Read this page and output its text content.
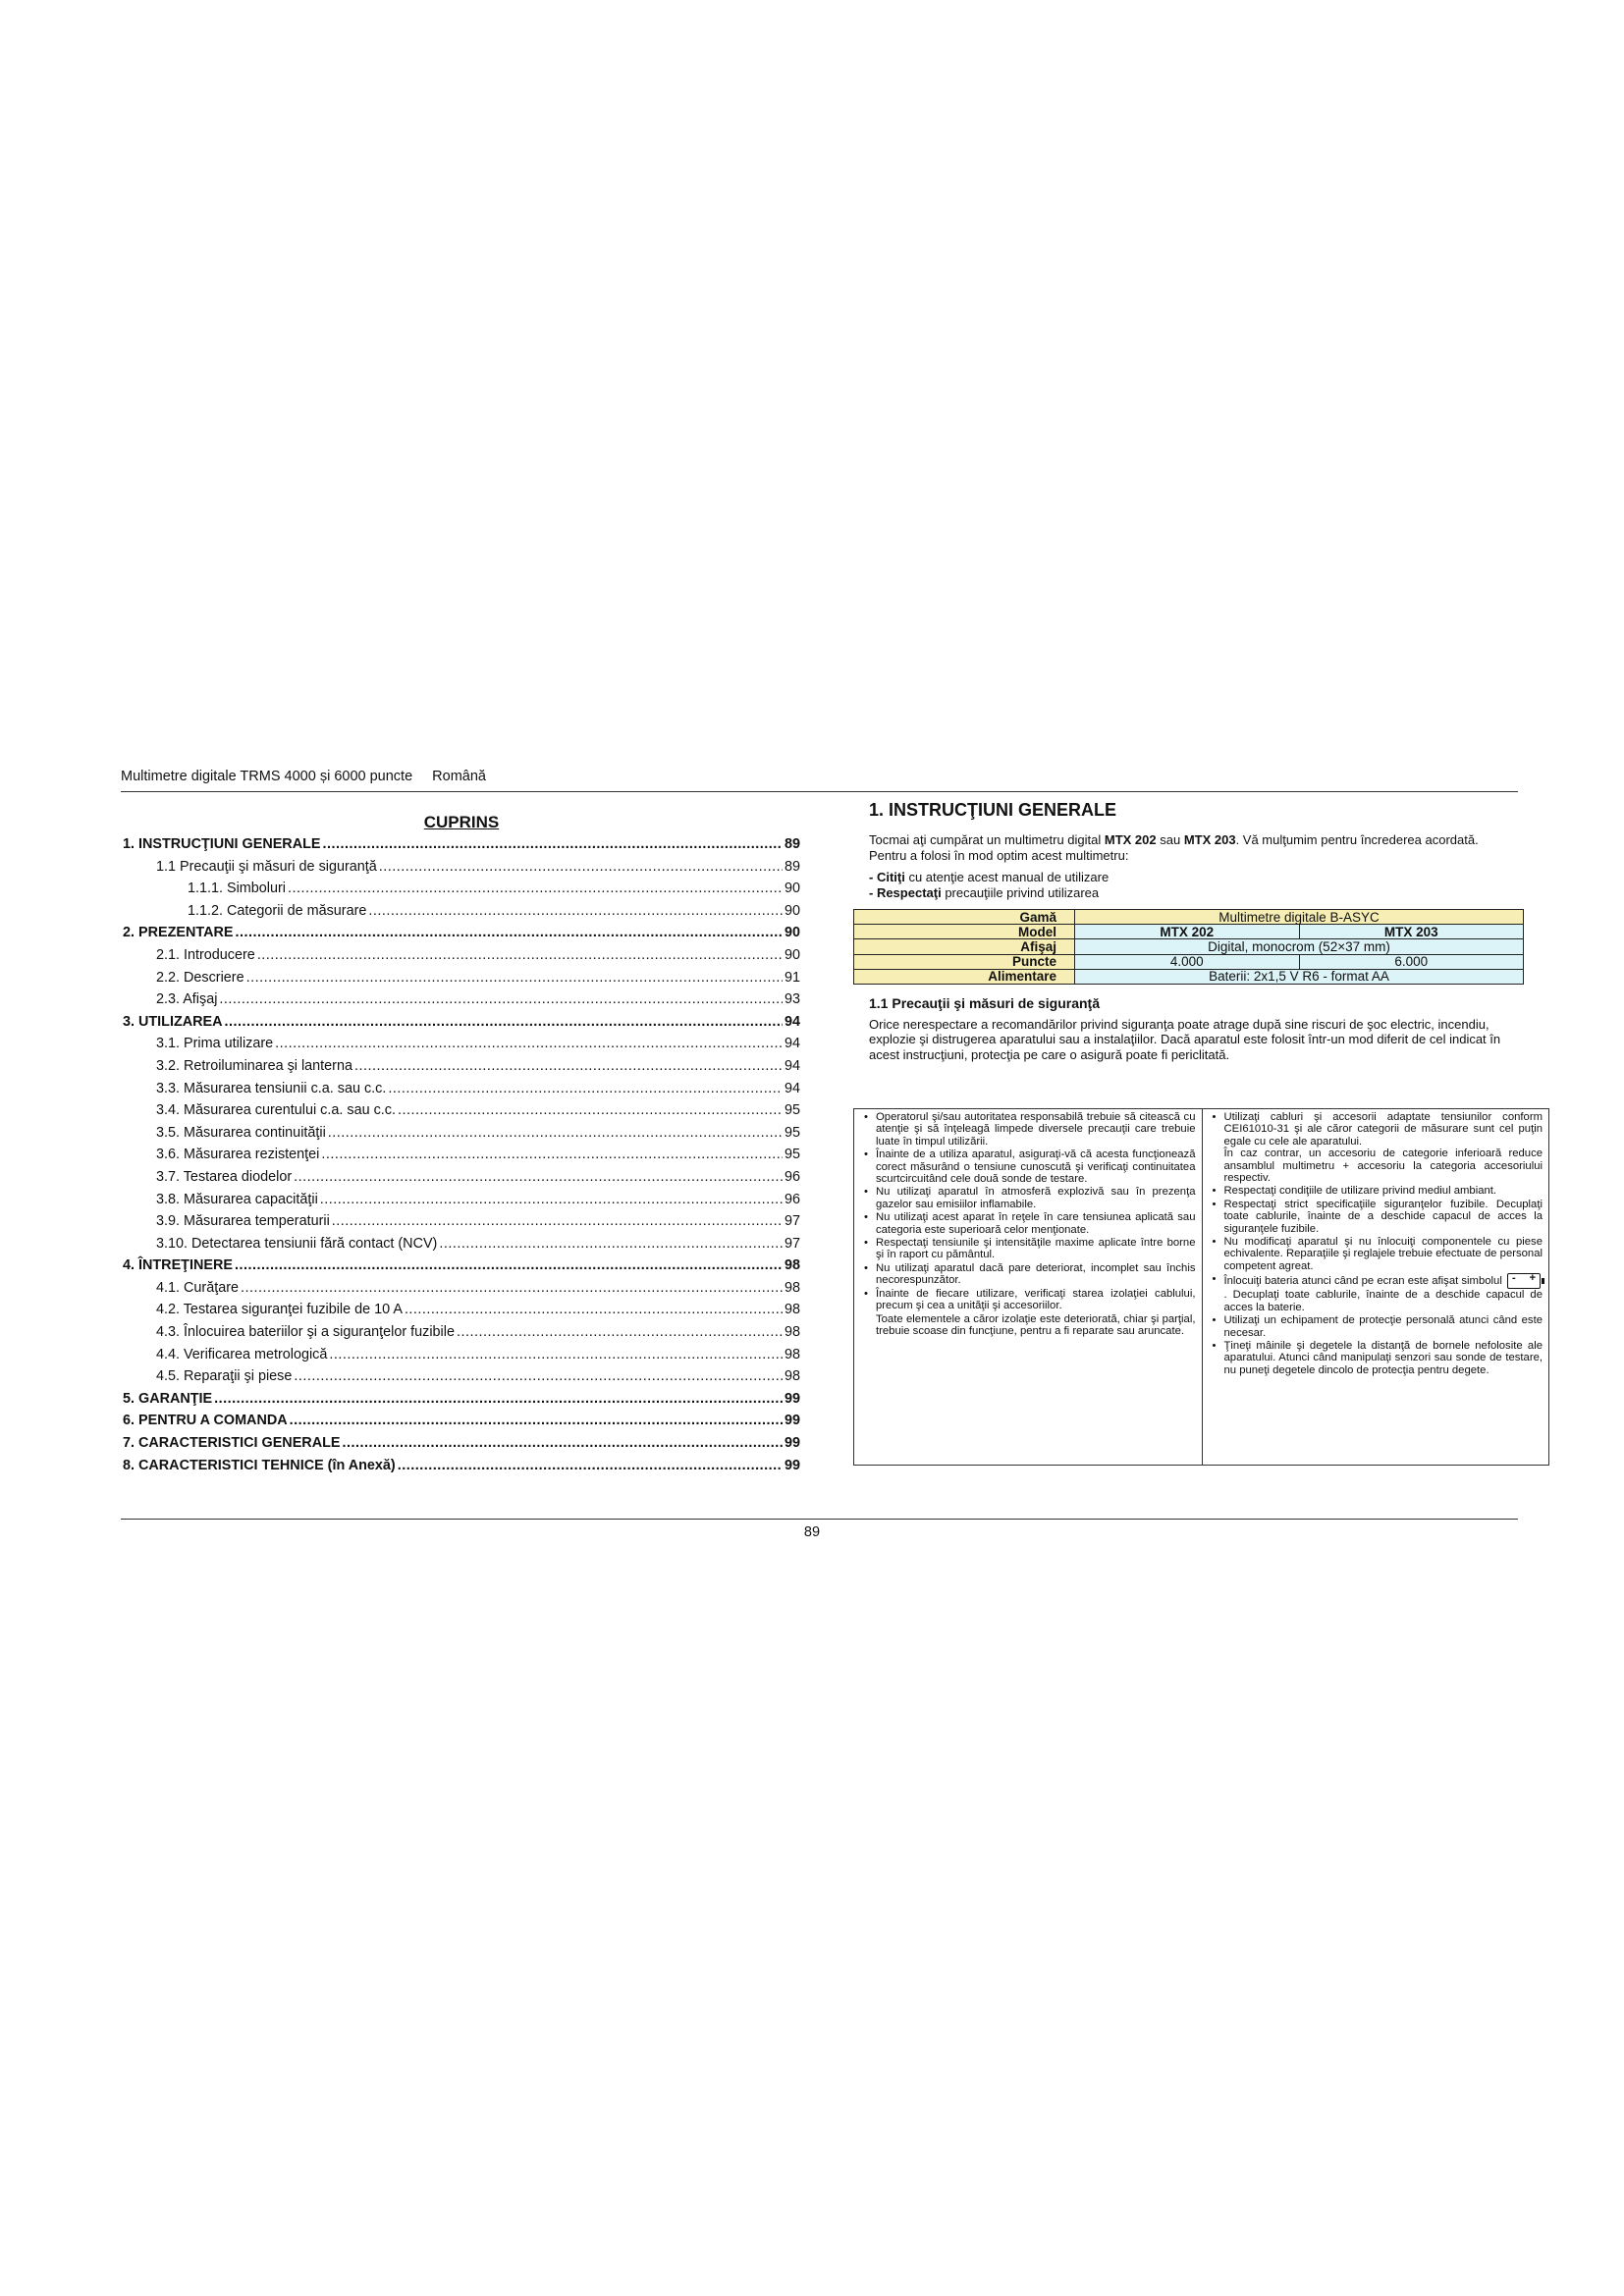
Multimetre digitale TRMS 4000 și 6000 puncte Română
CUPRINS
1. INSTRUCŢIUNI GENERALE .....	89
1.1 Precauţii şi măsuri de siguranţă .....	89
1.1.1. Simboluri .....	90
1.1.2. Categorii de măsurare .....	90
2. PREZENTARE .....	90
2.1. Introducere .....	90
2.2. Descriere .....	91
2.3. Afişaj .....	93
3. UTILIZAREA .....	94
3.1. Prima utilizare .....	94
3.2. Retroiluminarea şi lanterna .....	94
3.3. Măsurarea tensiunii c.a. sau c.c. .....	94
3.4. Măsurarea curentului c.a. sau c.c. .....	95
3.5. Măsurarea continuităţii .....	95
3.6. Măsurarea rezistenţei .....	95
3.7. Testarea diodelor .....	96
3.8. Măsurarea capacităţii .....	96
3.9. Măsurarea temperaturii .....	97
3.10. Detectarea tensiunii fără contact (NCV) .....	97
4. ÎNTREŢINERE .....	98
4.1. Curăţare .....	98
4.2. Testarea siguranţei fuzibile de 10 A .....	98
4.3. Înlocuirea bateriilor şi a siguranţelor fuzibile .....	98
4.4. Verificarea metrologică .....	98
4.5. Reparaţii şi piese .....	98
5. GARANŢIE .....	99
6. PENTRU A COMANDA .....	99
7. CARACTERISTICI GENERALE .....	99
8. CARACTERISTICI TEHNICE (în Anexă) .....	99
1. INSTRUCŢIUNI GENERALE
Tocmai aţi cumpărat un multimetru digital MTX 202 sau MTX 203. Vă mulţumim pentru încrederea acordată.
Pentru a folosi în mod optim acest multimetru:
- Citiţi cu atenţie acest manual de utilizare
- Respectaţi precauţiile privind utilizarea
Gamă	Multimetre digitale B-ASYC	
Model	MTX 202	MTX 203
Afişaj	Digital, monocrom (52×37 mm)	
Puncte	4.000	6.000
Alimentare	Baterii: 2x1,5 V R6 - format AA	
1.1 Precauţii şi măsuri de siguranţă
Orice nerespectare a recomandărilor privind siguranţa poate atrage după sine riscuri de şoc electric, incendiu, explozie şi distrugerea aparatului sau a instalaţiilor. Dacă aparatul este folosit într-un mod diferit de cel indicat în acest instrucţiuni, protecţia pe care o asigură poate fi periclitată.
• Operatorul şi/sau autoritatea responsabilă trebuie să citească cu atenţie şi să înţeleagă limpede diversele precauţii care trebuie luate în timpul utilizării.
• Înainte de a utiliza aparatul, asiguraţi-vă că acesta funcţionează corect măsurând o tensiune cunoscută şi verificaţi continuitatea scurtcircuitând cele două sonde de testare.
• Nu utilizaţi aparatul în atmosferă explozivă sau în prezenţa gazelor sau emisiilor inflamabile.
• Nu utilizaţi acest aparat în reţele în care tensiunea aplicată sau categoria este superioară celor menţionate.
• Respectaţi tensiunile şi intensităţile maxime aplicate între borne şi în raport cu pământul.
• Nu utilizaţi aparatul dacă pare deteriorat, incomplet sau închis necorespunzător.
• Înainte de fiecare utilizare, verificaţi starea izolaţiei cablului, precum şi cea a unităţii şi accesoriilor.

Toate elementele a căror izolaţie este deteriorată, chiar şi parţial, trebuie scoase din funcţiune, pentru a fi reparate sau aruncate.

• Utilizaţi cabluri şi accesorii adaptate tensiunilor conform CEI61010-31 şi ale căror categorii de măsurare sunt cel puţin egale cu cele ale aparatului.
În caz contrar, un accesoriu de categorie inferioară reduce ansamblul multimetru + accesoriu la categoria accesoriului respectiv.
• Respectaţi condiţiile de utilizare privind mediul ambiant.
• Respectaţi strict specificaţiile siguranţelor fuzibile. Decuplaţi toate cablurile, înainte de a deschide capacul de acces la siguranţele fuzibile.
• Nu modificaţi aparatul şi nu înlocuiţi componentele cu piese echivalente. Reparaţiile şi reglajele trebuie efectuate de personal competent agreat.
• Înlocuiţi bateria atunci când pe ecran este afişat simbolul - +
. Decuplaţi toate cablurile, înainte de a deschide capacul de acces la baterie.
• Utilizaţi un echipament de protecţie personală atunci când este necesar.
• Ţineţi mâinile şi degetele la distanţă de bornele nefolosite ale aparatului. Atunci când manipulaţi senzori sau sonde de testare, nu puneţi degetele dincolo de protecţia pentru degete.
89
